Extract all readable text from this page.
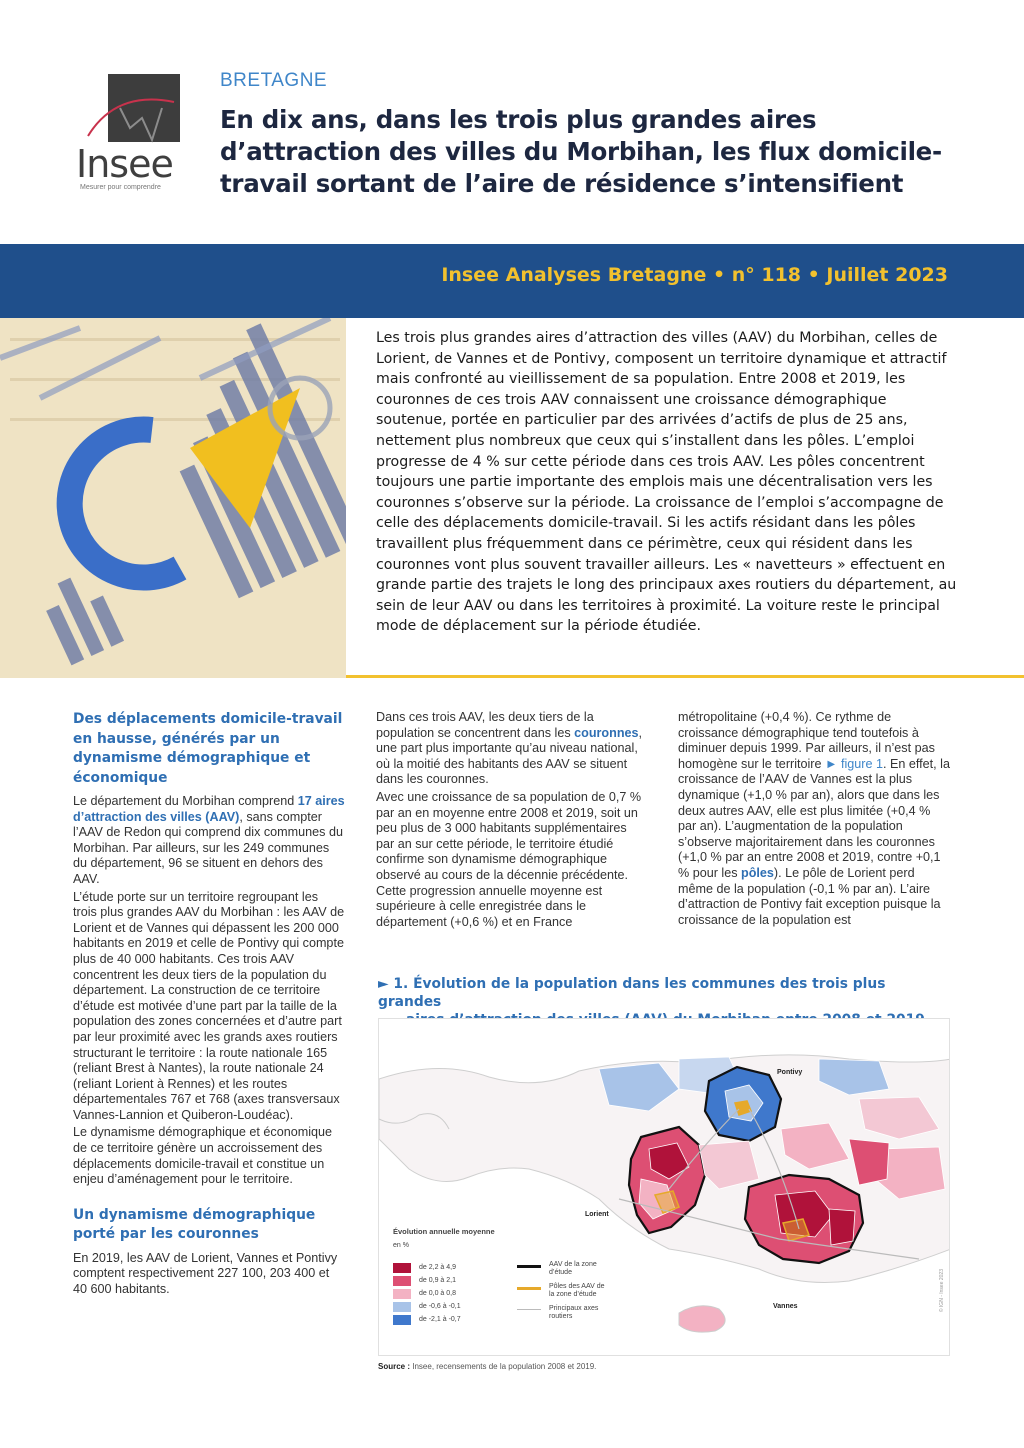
Insee
Mesurer pour comprendre
BRETAGNE
En dix ans, dans les trois plus grandes aires d’attraction des villes du Morbihan, les flux domicile-travail sortant de l’aire de résidence s’intensifient
Insee Analyses Bretagne • n° 118 • Juillet 2023

Les trois plus grandes aires d’attraction des villes (AAV) du Morbihan, celles de Lorient, de Vannes et de Pontivy, composent un territoire dynamique et attractif mais confronté au vieillissement de sa population. Entre 2008 et 2019, les couronnes de ces trois AAV connaissent une croissance démographique soutenue, portée en particulier par des arrivées d’actifs de plus de 25 ans, nettement plus nombreux que ceux qui s’installent dans les pôles. L’emploi progresse de 4 % sur cette période dans ces trois AAV. Les pôles concentrent toujours une partie importante des emplois mais une décentralisation vers les couronnes s’observe sur la période. La croissance de l’emploi s’accompagne de celle des déplacements domicile-travail. Si les actifs résidant dans les pôles travaillent plus fréquemment dans ce périmètre, ceux qui résident dans les couronnes vont plus souvent travailler ailleurs. Les « navetteurs » effectuent en grande partie des trajets le long des principaux axes routiers du département, au sein de leur AAV ou dans les territoires à proximité. La voiture reste le principal mode de déplacement sur la période étudiée.

Des déplacements domicile-travail en hausse, générés par un dynamisme démographique et économique

Le département du Morbihan comprend 17 aires d’attraction des villes (AAV), sans compter l’AAV de Redon qui comprend dix communes du Morbihan. Par ailleurs, sur les 249 communes du département, 96 se situent en dehors des AAV.

L’étude porte sur un territoire regroupant les trois plus grandes AAV du Morbihan : les AAV de Lorient et de Vannes qui dépassent les 200 000 habitants en 2019 et celle de Pontivy qui compte plus de 40 000 habitants. Ces trois AAV concentrent les deux tiers de la population du département. La construction de ce territoire d’étude est motivée d’une part par la taille de la population des zones concernées et d’autre part par leur proximité avec les grands axes routiers structurant le territoire : la route nationale 165 (reliant Brest à Nantes), la route nationale 24 (reliant Lorient à Rennes) et les routes départementales 767 et 768 (axes transversaux Vannes-Lannion et Quiberon-Loudéac).

Le dynamisme démographique et économique de ce territoire génère un accroissement des déplacements domicile-travail et constitue un enjeu d’aménagement pour le territoire.

Un dynamisme démographique porté par les couronnes

En 2019, les AAV de Lorient, Vannes et Pontivy comptent respectivement 227 100, 203 400 et 40 600 habitants.

Dans ces trois AAV, les deux tiers de la population se concentrent dans les couronnes, une part plus importante qu’au niveau national, où la moitié des habitants des AAV se situent dans les couronnes.

Avec une croissance de sa population de 0,7 % par an en moyenne entre 2008 et 2019, soit un peu plus de 3 000 habitants supplémentaires par an sur cette période, le territoire étudié confirme son dynamisme démographique observé au cours de la décennie précédente. Cette progression annuelle moyenne est supérieure à celle enregistrée dans le département (+0,6 %) et en France

métropolitaine (+0,4 %). Ce rythme de croissance démographique tend toutefois à diminuer depuis 1999. Par ailleurs, il n’est pas homogène sur le territoire ► figure 1. En effet, la croissance de l’AAV de Vannes est la plus dynamique (+1,0 % par an), alors que dans les deux autres AAV, elle est plus limitée (+0,4 % par an). L’augmentation de la population s’observe majoritairement dans les couronnes (+1,0 % par an entre 2008 et 2019, contre +0,1 % pour les pôles). Le pôle de Lorient perd même de la population (-0,1 % par an). L’aire d’attraction de Pontivy fait exception puisque la croissance de la population est

► 1. Évolution de la population dans les communes des trois plus grandes
Pontivy
Lorient
Vannes	© IGN - Insee 2023
Évolution annuelle moyenne
en %
de 2,2 à 4,9
de 0,9 à 2,1
de 0,0 à 0,8
de -0,6 à -0,1
de -2,1 à -0,7
AAV de la zone d’étude
Pôles des AAV de la zone d’étude
Principaux axes routiers
Source : Insee, recensements de la population 2008 et 2019.
